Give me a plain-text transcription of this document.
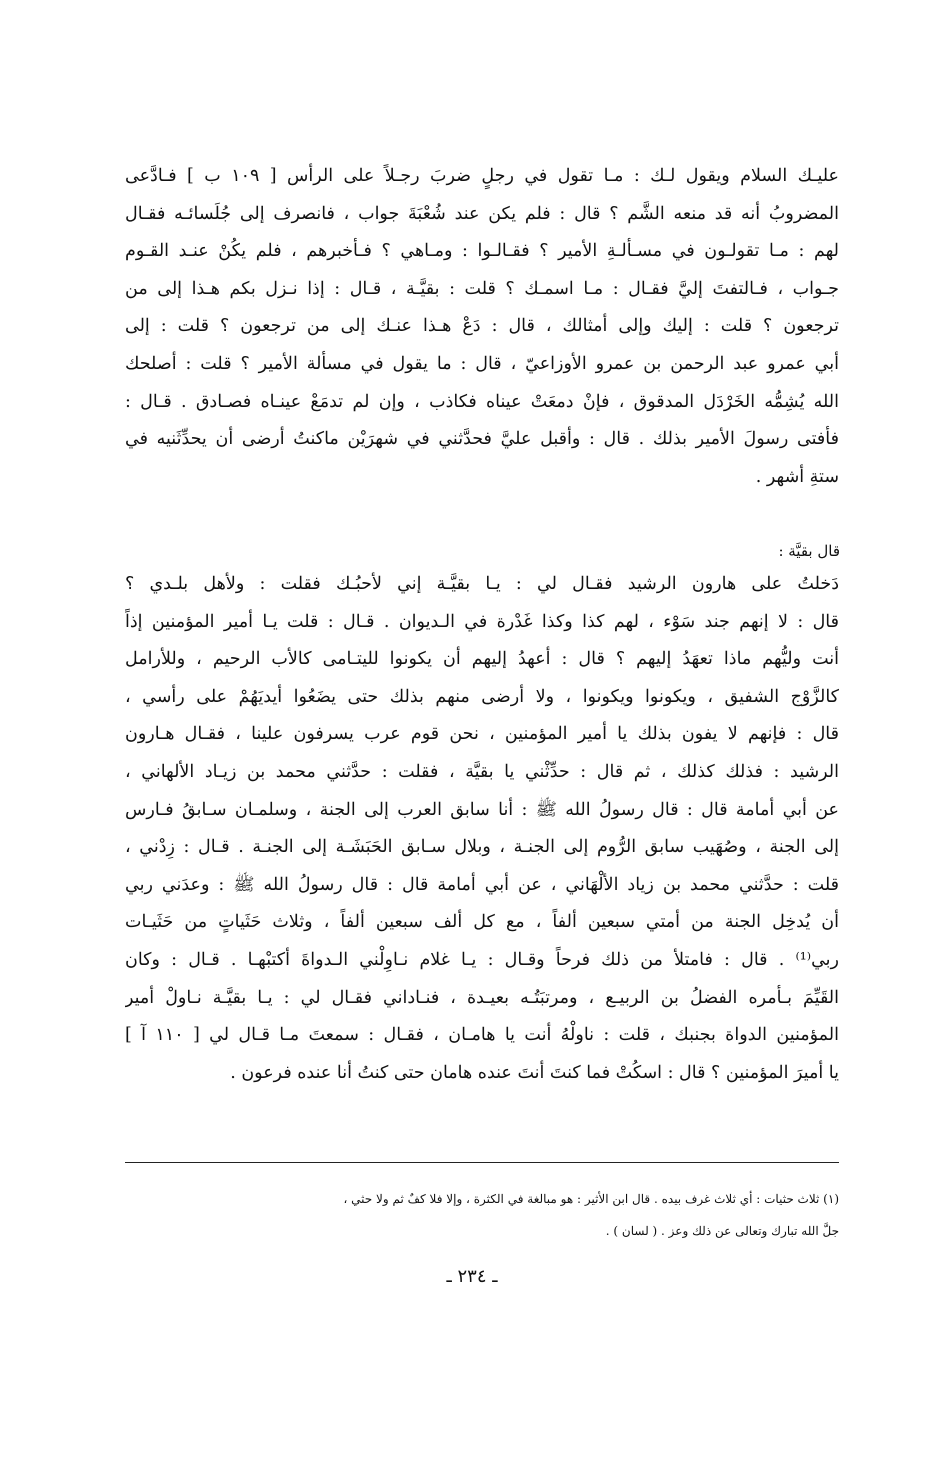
عليـك السلام ويقول لـك : مـا تقول في رجلٍ ضربَ رجـلاً على الرأس [ ١٠٩ ب ] فـادَّعى
المضروبُ أنه قد منعه الشَّم ؟ قال : فلم يكن عند شُعْبَةَ جواب ، فانصرف إلى جُلَسائـه فقـال
لهم : مـا تقولـون في مسـألـةِ الأمير ؟ فقـالـوا : ومـاهي ؟ فـأخبرهم ، فلم يكُنْ عنـد القـوم
جـواب ، فـالتفتَ إليَّ فقـال : مـا اسمـك ؟ قلت : بقيَّـة ، قـال : إذا نـزل بكم هـذا إلى من
ترجعون ؟ قلت : إليك وإلى أمثالك ، قال : دَعْ هـذا عنـك إلى من ترجعون ؟ قلت : إلى
أبي عمرو عبد الرحمن بن عمرو الأوزاعيّ ، قال : ما يقول في مسألة الأمير ؟ قلت : أصلحك
الله يُشِمُّه الخَرْدَل المدقوق ، فإنْ دمعَتْ عيناه فكاذب ، وإن لم تدمَعْ عينـاه فصـادق . قـال :
فأفتى رسولَ الأمير بذلك . قال : وأقبل عليَّ فحدَّثني في شهرَيْن ماكنتُ أرضى أن يحدِّثَنيه في
ستةِ أشهر .
قال بقيَّة :
دَخلتُ على هارون الرشيد فقـال لي : يـا بقيَّـة إني لأحبُـك فقلت : ولأهل بلـدي ؟
قال : لا إنهم جند سَوْء ، لهم كذا وكذا غَدْرة في الـديوان . قـال : قلت يـا أمير المؤمنين إذاً
أنت وليُّهم ماذا تعهَدُ إليهم ؟ قال : أعهدُ إليهم أن يكونوا لليتـامى كالأب الرحيم ، وللأرامل
كالزَّوْج الشفيق ، ويكونوا ويكونوا ، ولا أرضى منهم بذلك حتى يضَعُوا أيديَهُمْ على رأسي ،
قال : فإنهم لا يفون بذلك يا أمير المؤمنين ، نحن قوم عرب يسرفون علينا ، فقـال هـارون
الرشيد : فذلك كذلك ، ثم قال : حدِّثْني يا بقيَّة ، فقلت : حدَّثني محمد بن زيـاد الألهاني ،
عن أبي أمامة قال : قال رسولُ الله ﷺ : أنا سابق العرب إلى الجنة ، وسلمـان سـابقُ فـارس
إلى الجنة ، وصُهَيب سابق الرُّوم إلى الجنـة ، وبلال سـابق الحَبَشَـة إلى الجنـة . قـال : زِدْني ،
قلت : حدَّثني محمد بن زياد الألْهَاني ، عن أبي أمامة قال : قال رسولُ الله ﷺ : وعدَني ربي
أن يُدخِل الجنة من أمتي سبعين ألفاً ، مع كل ألف سبعين ألفاً ، وثلاث حَثَياتٍ من حَثَيـات
ربي⁽¹⁾ . قال : فامتلأ من ذلك فرحاً وقـال : يـا غلام نـاوِلْني الـدواةَ أكتبْهـا . قـال : وكان
القَيِّمَ بـأمره الفضلُ بن الربيـع ، ومرتبَتُـه بعيـدة ، فنـاداني فقـال لي : يـا بقيَّـة نـاولْ أمير
المؤمنين الدواة بجنبك ، قلت : ناولْهُ أنت يا هامـان ، فقـال : سمعتَ مـا قـال لي [ ١١٠ آ ]
يا أميرَ المؤمنين ؟ قال : اسكُتْ فما كنتَ أنتَ عنده هامان حتى كنتُ أنا عنده فرعون .
(١) ثلاث حثيات : أي ثلاث غرف بيده . قال ابن الأثير : هو مبالغة في الكثرة ، وإلا فلا كفٌ ثم ولا حثي ،
جلَّ الله تبارك وتعالى عن ذلك وعز . ( لسان ) .
ـ ٢٣٤ ـ
